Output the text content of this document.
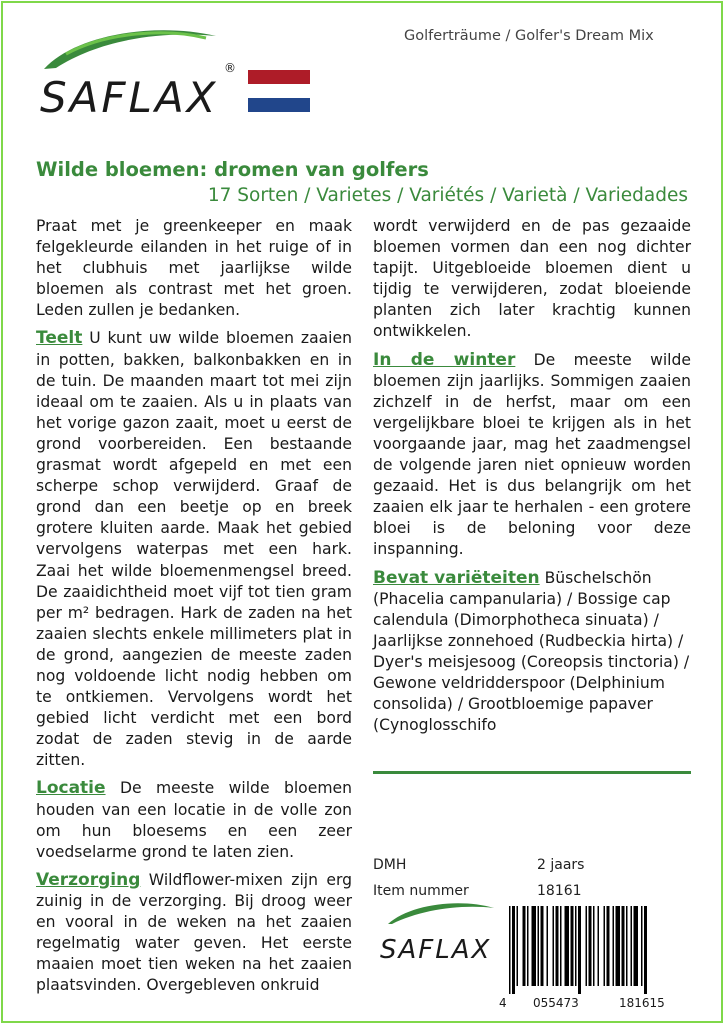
Golferträume / Golfer's Dream Mix
SAFLAX
®
Wilde bloemen: dromen van golfers
17 Sorten / Varietes / Variétés / Varietà / Variedades

Praat met je greenkeeper en maak felgekleurde eilanden in het ruige of in het clubhuis met jaarlijkse wilde bloemen als contrast met het groen. Leden zullen je bedanken.

Teelt U kunt uw wilde bloemen zaaien in potten, bakken, balkonbakken en in de tuin. De maanden maart tot mei zijn ideaal om te zaaien. Als u in plaats van het vorige gazon zaait, moet u eerst de grond voorbereiden. Een bestaande grasmat wordt afgepeld en met een scherpe schop verwijderd. Graaf de grond dan een beetje op en breek grotere kluiten aarde. Maak het gebied vervolgens waterpas met een hark. Zaai het wilde bloemenmengsel breed. De zaaidichtheid moet vijf tot tien gram per m² bedragen. Hark de zaden na het zaaien slechts enkele millimeters plat in de grond, aangezien de meeste zaden nog voldoende licht nodig hebben om te ontkiemen. Vervolgens wordt het gebied licht verdicht met een bord zodat de zaden stevig in de aarde zitten.

Locatie De meeste wilde bloemen houden van een locatie in de volle zon om hun bloesems en een zeer voedselarme grond te laten zien.

Verzorging Wildflower-mixen zijn erg zuinig in de verzorging. Bij droog weer en vooral in de weken na het zaaien regelmatig water geven. Het eerste maaien moet tien weken na het zaaien plaatsvinden. Overgebleven onkruid

wordt verwijderd en de pas gezaaide bloemen vormen dan een nog dichter tapijt. Uitgebloeide bloemen dient u tijdig te verwijderen, zodat bloeiende planten zich later krachtig kunnen ontwikkelen.

In de winter De meeste wilde bloemen zijn jaarlijks. Sommigen zaaien zichzelf in de herfst, maar om een vergelijkbare bloei te krijgen als in het voorgaande jaar, mag het zaadmengsel de volgende jaren niet opnieuw worden gezaaid. Het is dus belangrijk om het zaaien elk jaar te herhalen - een grotere bloei is de beloning voor deze inspanning.

Bevat variëteiten Büschelschön (Phacelia campanularia) / Bossige cap calendula (Dimorphotheca sinuata) / Jaarlijkse zonnehoed (Rudbeckia hirta) / Dyer's meisjesoog (Coreopsis tinctoria) / Gewone veldridderspoor (Delphinium consolida) / Grootbloemige papaver (Cynoglosschifo

DMH	2 jaars
Item nummer	18161
SAFLAX
4 055473	181615
